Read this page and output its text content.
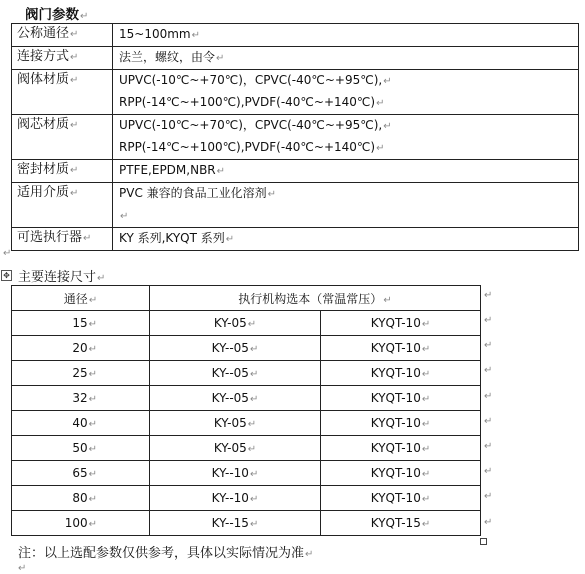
阀门参数↵
公称通径↵	15~100mm↵

连接方式↵	法兰，螺纹，由令↵

阀体材质↵	UPVC(-10℃~+70℃)，CPVC(-40℃~+95℃),↵
RPP(-14℃~+100℃),PVDF(-40℃~+140℃)↵

阀芯材质↵	UPVC(-10℃~+70℃)，CPVC(-40℃~+95℃),↵
RPP(-14℃~+100℃),PVDF(-40℃~+140℃)↵

密封材质↵	PTFE,EPDM,NBR↵

适用介质↵	PVC 兼容的食品工业化溶剂↵
↵

可选执行器↵	KY 系列,KYQT 系列↵
↵
✥ 主要连接尺寸↵
通径↵	执行机构选本（常温常压）↵	
15↵	KY-05↵	KYQT-10↵
20↵	KY--05↵	KYQT-10↵
25↵	KY--05↵	KYQT-10↵
32↵	KY--05↵	KYQT-10↵
40↵	KY-05↵	KYQT-10↵
50↵	KY-05↵	KYQT-10↵
65↵	KY--10↵	KYQT-10↵
80↵	KY--10↵	KYQT-10↵
100↵	KY--15↵	KYQT-15↵
↵
↵
↵
↵
↵
↵
↵
↵
↵
↵
注：以上选配参数仅供参考，具体以实际情况为准↵
↵
